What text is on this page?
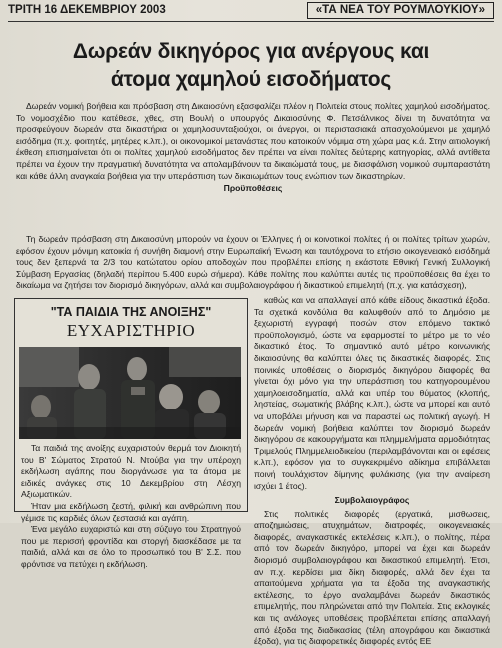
ΤΡΙΤΗ 16 ΔΕΚΕΜΒΡΙΟΥ 2003	«ΤΑ ΝΕΑ ΤΟΥ ΡΟΥΜΛΟΥΚΙΟΥ»
Δωρεάν δικηγόρος για ανέργους και
άτομα χαμηλού εισοδήματος

Δωρεάν νομική βοήθεια και πρόσβαση στη Δικαιοσύνη εξασφαλίζει πλέον η Πολιτεία στους πολίτες χαμηλού εισοδήματος. Το νομοσχέδιο που κατέθεσε, χθες, στη Βουλή ο υπουργός Δικαιοσύνης Φ. Πετσάλνικος δίνει τη δυνατότητα να προσφεύγουν δωρεάν στα δικαστήρια οι χαμηλοσυνταξιούχοι, οι άνεργοι, οι περιστασιακά απασχολούμενοι με χαμηλό εισόδημα (π.χ. φοιτητές, μητέρες κ.λπ.), οι οικονομικοί μετανάστες που κατοικούν νόμιμα στη χώρα μας κ.ά. Στην αιτιολογική έκθεση επισημαίνεται ότι οι πολίτες χαμηλού εισοδήματος δεν πρέπει να είναι πολίτες δεύτερης κατηγορίας, αλλά αντίθετα πρέπει να έχουν την πραγματική δυνατότητα να απολαμβάνουν τα δικαιώματά τους, με διασφάλιση νομικού συμπαραστάτη και κάθε άλλη αναγκαία βοήθεια για την υπεράσπιση των δικαιωμάτων τους ενώπιον των δικαστηρίων.

Προϋποθέσεις

Τη δωρεάν πρόσβαση στη Δικαιοσύνη μπορούν να έχουν οι Έλληνες ή οι κοινοτικοί πολίτες ή οι πολίτες τρίτων χωρών, εφόσον έχουν μόνιμη κατοικία ή συνήθη διαμονή στην Ευρωπαϊκή Ένωση και ταυτόχρονα το ετήσιο οικογενειακό εισόδημά τους δεν ξεπερνά τα 2/3 του κατώτατου ορίου αποδοχών που προβλέπει επίσης η εκάστοτε Εθνική Γενική Συλλογική Σύμβαση Εργασίας (δηλαδή περίπου 5.400 ευρώ σήμερα). Κάθε πολίτης που καλύπτει αυτές τις προϋποθέσεις θα έχει το δικαίωμα να ζητήσει τον διορισμό δικηγόρων, αλλά και συμβολαιογράφου ή δικαστικού επιμελητή (π.χ. για κατάσχεση),

"ΤΑ ΠΑΙΔΙΑ ΤΗΣ ΑΝΟΙΞΗΣ"
ΕΥΧΑΡΙΣΤΗΡΙΟ

Τα παιδιά της ανοίξης ευχαριστούν θερμά τον Διοικητή του Β' Σώματος Στρατού Ν. Ντούβα για την υπέροχη εκδήλωση αγάπης που διοργάνωσε για τα άτομα με ειδικές ανάγκες στις 10 Δεκεμβρίου στη Λέσχη Αξιωματικών.

Ήταν μια εκδήλωση ζεστή, φιλική και ανθρώπινη που γέμισε τις καρδιές όλων ζεστασιά και αγάπη.

Ένα μεγάλο ευχαριστώ και στη σύζυγο του Στρατηγού που με περισσή φροντίδα και στοργή διασκέδασε με τα παιδιά, αλλά και σε όλο το προσωπικό του Β' Σ.Σ. που φρόντισε να πετύχει η εκδήλωση.

καθώς και να απαλλαγεί από κάθε είδους δικαστικά έξοδα. Τα σχετικά κονδύλια θα καλυφθούν από το Δημόσιο με ξεχωριστή εγγραφή ποσών στον επόμενο τακτικό προϋπολογισμό, ώστε να εφαρμοστεί το μέτρο με το νέο δικαστικό έτος. Το σημαντικό αυτό μέτρο κοινωνικής δικαιοσύνης θα καλύπτει όλες τις δικαστικές διαφορές. Στις ποινικές υποθέσεις ο διορισμός δικηγόρου διαφορές θα γίνεται όχι μόνο για την υπεράσπιση του κατηγορουμένου χαμηλοεισοδηματία, αλλά και υπέρ του θύματος (κλοπής, ληστείας, σωματικής βλάβης κ.λπ.), ώστε να μπορεί και αυτό να υποβάλει μήνυση και να παραστεί ως πολιτική αγωγή. Η δωρεάν νομική βοήθεια καλύπτει τον διορισμό δωρεάν δικηγόρου σε κακουργήματα και πλημμελήματα αρμοδιότητας Τριμελούς Πλημμελειοδικείου (περιλαμβάνονται και οι εφέσεις κ.λπ.), εφόσον για το συγκεκριμένο αδίκημα επιβάλλεται ποινή τουλάχιστον δίμηνης φυλάκισης (για την αναίρεση ισχύει 1 έτος).

Συμβολαιογράφος

Στις πολιτικές διαφορές (εργατικά, μισθωσεις, αποζημιώσεις, ατυχημάτων, διατροφές, οικογενειακές διαφορές, αναγκαστικές εκτελέσεις κ.λπ.), ο πολίτης, πέρα από τον δωρεάν δικηγόρο, μπορεί να έχει και δωρεάν διορισμό συμβολαιογράφου και δικαστικού επιμελητή. Έτσι, αν π.χ. κερδίσει μια δίκη διαφορές, αλλά δεν έχει τα απαιτούμενα χρήματα για τα έξοδα της αναγκαστικής εκτέλεσης, το έργο αναλαμβάνει δωρεάν δικαστικός επιμελητής, που πληρώνεται από την Πολιτεία. Στις εκλογικές και τις ανάλογες υποθέσεις προβλέπεται επίσης απαλλαγή από έξοδα της διαδικασίας (τέλη απογράφου και δικαστικά έξοδα), για τις διαφορετικές διαφορές εντός ΕΕ
